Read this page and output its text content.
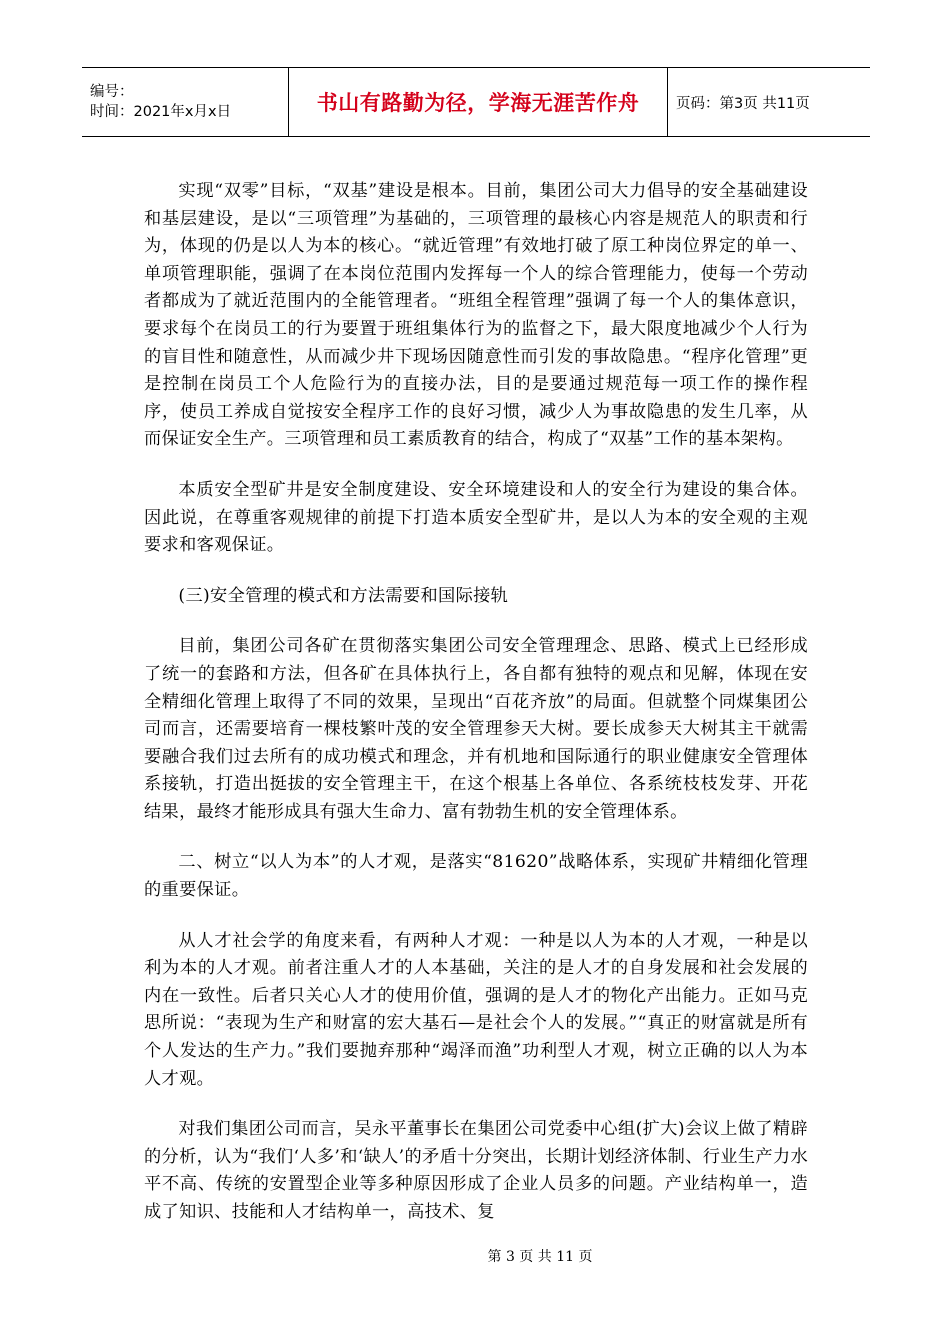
编号：
时间：2021年x月x日	书山有路勤为径，学海无涯苦作舟	页码：第3页 共11页

实现“双零”目标，“双基”建设是根本。目前，集团公司大力倡导的安全基础建设和基层建设，是以“三项管理”为基础的，三项管理的最核心内容是规范人的职责和行为，体现的仍是以人为本的核心。“就近管理”有效地打破了原工种岗位界定的单一、单项管理职能，强调了在本岗位范围内发挥每一个人的综合管理能力，使每一个劳动者都成为了就近范围内的全能管理者。“班组全程管理”强调了每一个人的集体意识，要求每个在岗员工的行为要置于班组集体行为的监督之下，最大限度地减少个人行为的盲目性和随意性，从而减少井下现场因随意性而引发的事故隐患。“程序化管理”更是控制在岗员工个人危险行为的直接办法，目的是要通过规范每一项工作的操作程序，使员工养成自觉按安全程序工作的良好习惯，减少人为事故隐患的发生几率，从而保证安全生产。三项管理和员工素质教育的结合，构成了“双基”工作的基本架构。

本质安全型矿井是安全制度建设、安全环境建设和人的安全行为建设的集合体。因此说，在尊重客观规律的前提下打造本质安全型矿井，是以人为本的安全观的主观要求和客观保证。

(三)安全管理的模式和方法需要和国际接轨

目前，集团公司各矿在贯彻落实集团公司安全管理理念、思路、模式上已经形成了统一的套路和方法，但各矿在具体执行上，各自都有独特的观点和见解，体现在安全精细化管理上取得了不同的效果，呈现出“百花齐放”的局面。但就整个同煤集团公司而言，还需要培育一棵枝繁叶茂的安全管理参天大树。要长成参天大树其主干就需要融合我们过去所有的成功模式和理念，并有机地和国际通行的职业健康安全管理体系接轨，打造出挺拔的安全管理主干，在这个根基上各单位、各系统枝枝发芽、开花结果，最终才能形成具有强大生命力、富有勃勃生机的安全管理体系。

二、树立“以人为本”的人才观，是落实“81620”战略体系，实现矿井精细化管理的重要保证。

从人才社会学的角度来看，有两种人才观：一种是以人为本的人才观，一种是以利为本的人才观。前者注重人才的人本基础，关注的是人才的自身发展和社会发展的内在一致性。后者只关心人才的使用价值，强调的是人才的物化产出能力。正如马克思所说：“表现为生产和财富的宏大基石—是社会个人的发展。”“真正的财富就是所有个人发达的生产力。”我们要抛弃那种“竭泽而渔”功利型人才观，树立正确的以人为本人才观。

对我们集团公司而言，吴永平董事长在集团公司党委中心组(扩大)会议上做了精辟的分析，认为“我们‘人多’和‘缺人’的矛盾十分突出，长期计划经济体制、行业生产力水平不高、传统的安置型企业等多种原因形成了企业人员多的问题。产业结构单一，造成了知识、技能和人才结构单一，高技术、复

第 3 页 共 11 页
